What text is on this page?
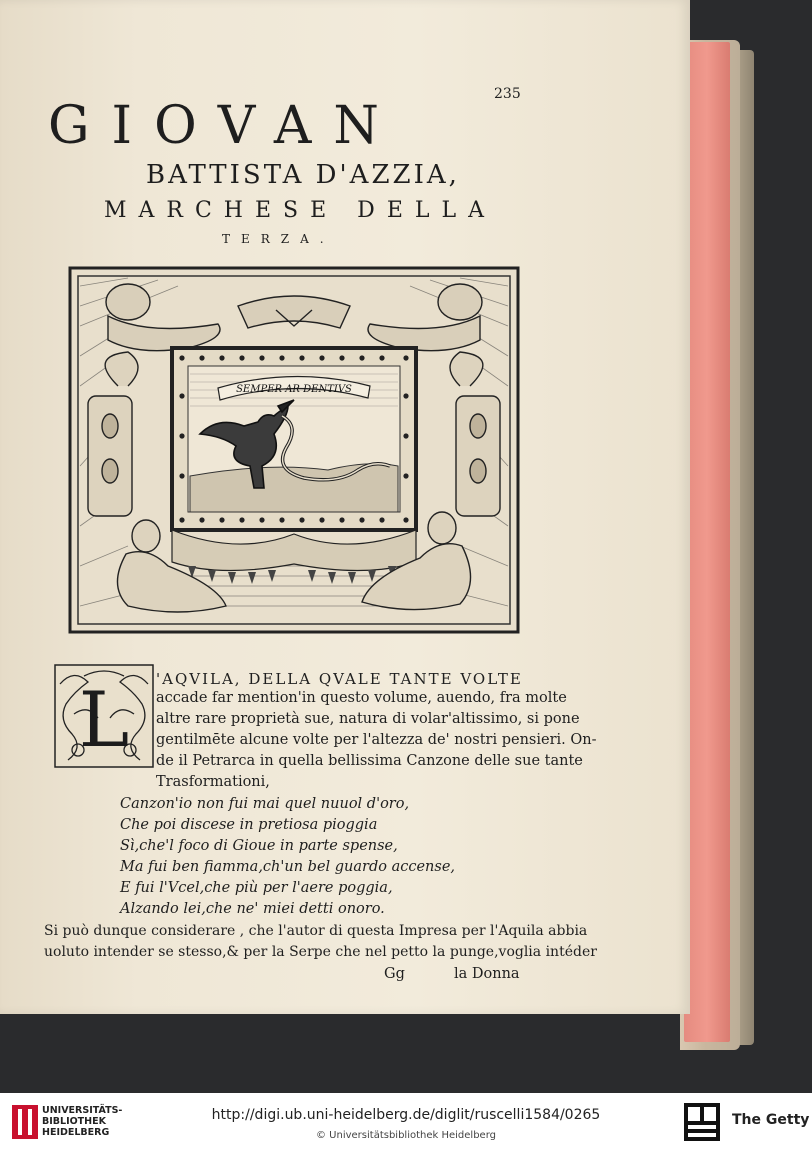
235
GIOVAN
BATTISTA D'AZZIA,
MARCHESE DELLA
TERZA.
SEMPER AR DENTIVS
L 'AQVILA, DELLA QVALE TANTE VOLTE
accade far mention'in questo volume, auendo, fra molte
altre rare proprietà sue, natura di volar'altissimo, si pone
gentilmēte alcune volte per l'altezza de' nostri pensieri. On-
de il Petrarca in quella bellissima Canzone delle sue tante
Trasformationi,
Canzon'io non fui mai quel nuuol d'oro,
Che poi discese in pretiosa pioggia
Sì,che'l foco di Gioue in parte spense,
Ma fui ben fiamma,ch'un bel guardo accense,
E fui l'Vcel,che più per l'aere poggia,
Alzando lei,che ne' miei detti onoro.
Si può dunque considerare , che l'autor di questa Impresa per l'Aquila abbia
uoluto intender se stesso,& per la Serpe che nel petto la punge,voglia intéder
Gg	la Donna
UNIVERSITÄTS-
BIBLIOTHEK
HEIDELBERG
http://digi.ub.uni-heidelberg.de/diglit/ruscelli1584/0265
© Universitätsbibliothek Heidelberg
The Getty
